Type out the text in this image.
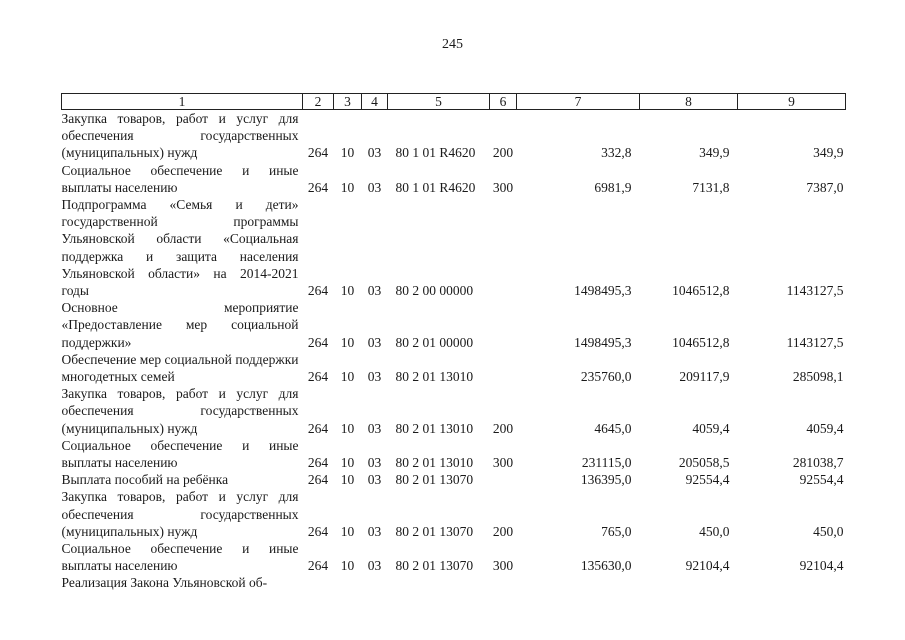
245
1	2	3	4	5	6	7	8	9
Закупка товаров, работ и услуг для обеспечения государственных (муниципальных) нужд	264	10	03	80 1 01 R4620	200	332,8	349,9	349,9
Социальное обеспечение и иные выплаты населению	264	10	03	80 1 01 R4620	300	6981,9	7131,8	7387,0
Подпрограмма «Семья и дети» государственной программы Ульяновской области «Социальная поддержка и защита населения Ульяновской области» на 2014-2021 годы	264	10	03	80 2 00 00000		1498495,3	1046512,8	1143127,5
Основное мероприятие «Предоставление мер социальной поддержки»	264	10	03	80 2 01 00000		1498495,3	1046512,8	1143127,5
Обеспечение мер социальной поддержки многодетных семей	264	10	03	80 2 01 13010		235760,0	209117,9	285098,1
Закупка товаров, работ и услуг для обеспечения государственных (муниципальных) нужд	264	10	03	80 2 01 13010	200	4645,0	4059,4	4059,4
Социальное обеспечение и иные выплаты населению	264	10	03	80 2 01 13010	300	231115,0	205058,5	281038,7
Выплата пособий на ребёнка	264	10	03	80 2 01 13070		136395,0	92554,4	92554,4
Закупка товаров, работ и услуг для обеспечения государственных (муниципальных) нужд	264	10	03	80 2 01 13070	200	765,0	450,0	450,0
Социальное обеспечение и иные выплаты населению	264	10	03	80 2 01 13070	300	135630,0	92104,4	92104,4
Реализация Закона Ульяновской об-								
